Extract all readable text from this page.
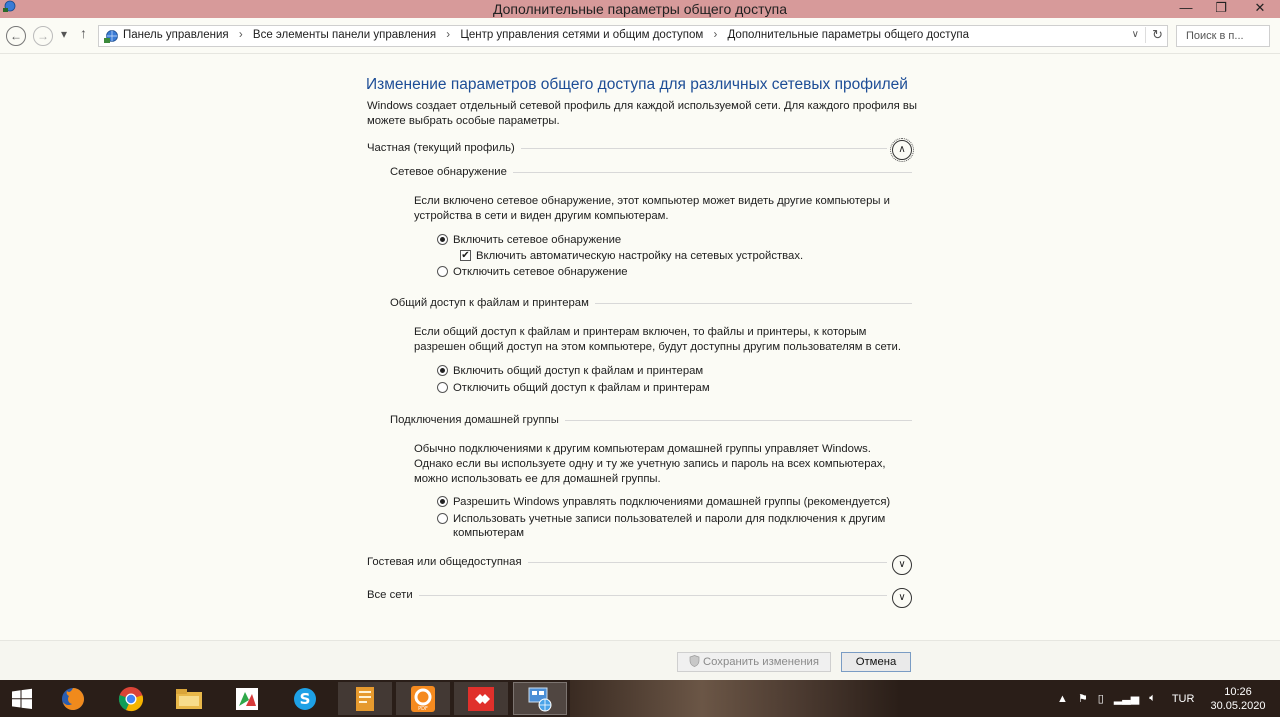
Дополнительные параметры общего доступа	—	❐	✕
←	→	▾ ↑	Панель управления › Все элементы панели управления › Центр управления сетями и общим доступом › Дополнительные параметры общего доступа	∨	↻ Поиск в п...
Изменение параметров общего доступа для различных сетевых профилей
Windows создает отдельный сетевой профиль для каждой используемой сети. Для каждого профиля вы можете выбрать особые параметры.
Частная (текущий профиль)	∧
Сетевое обнаружение
Если включено сетевое обнаружение, этот компьютер может видеть другие компьютеры и устройства в сети и виден другим компьютерам.
Включить сетевое обнаружение
✔ Включить автоматическую настройку на сетевых устройствах.
Отключить сетевое обнаружение
Общий доступ к файлам и принтерам
Если общий доступ к файлам и принтерам включен, то файлы и принтеры, к которым разрешен общий доступ на этом компьютере, будут доступны другим пользователям в сети.
Включить общий доступ к файлам и принтерам
Отключить общий доступ к файлам и принтерам
Подключения домашней группы
Обычно подключениями к другим компьютерам домашней группы управляет Windows. Однако если вы используете одну и ту же учетную запись и пароль на всех компьютерах, можно использовать ее для домашней группы.
Разрешить Windows управлять подключениями домашней группы (рекомендуется)
Использовать учетные записи пользователей и пароли для подключения к другим компьютерам
Гостевая или общедоступная	∨
Все сети	∨
Сохранить изменения	Отмена
S
PDF
▲ ⚑ ▯ ▂▃▅ 🔈︎ TUR
10:26
30.05.2020
